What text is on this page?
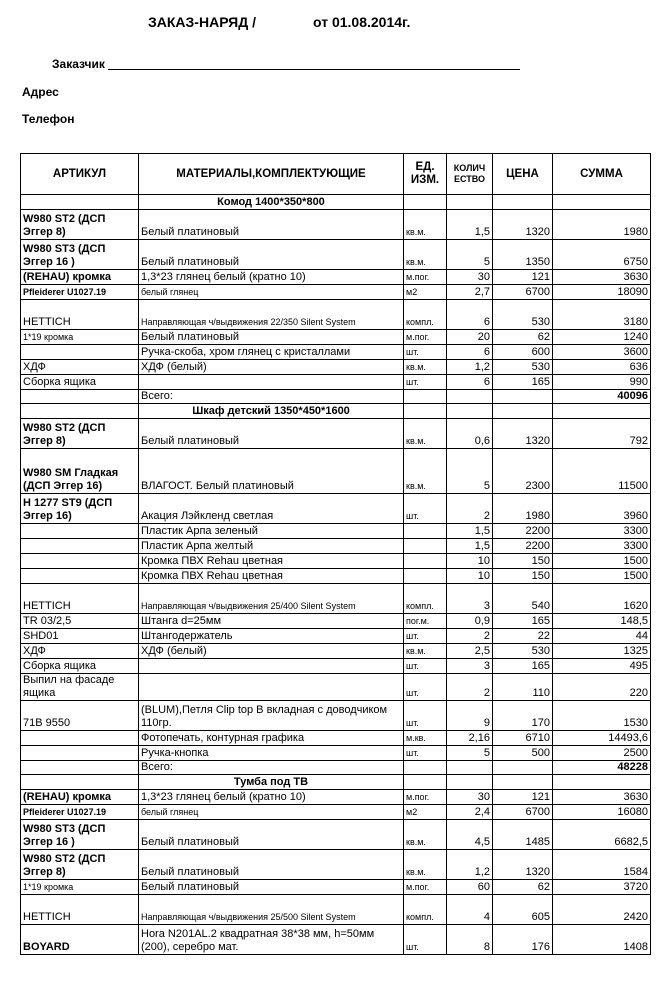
ЗАКАЗ-НАРЯД /	от 01.08.2014г.
Заказчик
Адрес
Телефон
АРТИКУЛ	МАТЕРИАЛЫ,КОМПЛЕКТУЮЩИЕ	ЕД. ИЗМ.	КОЛИЧ ЕСТВО	ЦЕНА	СУММА
	Комод 1400*350*800				
W980 ST2 (ДСП Эггер 8)	Белый платиновый	кв.м.	1,5	1320	1980
W980 ST3 (ДСП Эггер 16 )	Белый платиновый	кв.м.	5	1350	6750
(REHAU) кромка	1,3*23 глянец белый (кратно 10)	м.пог.	30	121	3630
Pfleiderer U1027.19	белый глянец	м2	2,7	6700	18090
HETTICH	Направляющая ч/выдвижения 22/350 Silent System	компл.	6	530	3180
1*19 кромка	Белый платиновый	м.пог.	20	62	1240
	Ручка-скоба, хром глянец с кристаллами	шт.	6	600	3600
ХДФ	ХДФ (белый)	кв.м.	1,2	530	636
Сборка ящика		шт.	6	165	990
	Всего:				40096
	Шкаф детский 1350*450*1600				
W980 ST2 (ДСП Эггер 8)	Белый платиновый	кв.м.	0,6	1320	792
W980 SM Гладкая (ДСП Эггер 16)	ВЛАГОСТ. Белый платиновый	кв.м.	5	2300	11500
H 1277 ST9 (ДСП Эггер 16)	Акация Лэйкленд светлая	шт.	2	1980	3960
	Пластик Арпа зеленый		1,5	2200	3300
	Пластик Арпа желтый		1,5	2200	3300
	Кромка ПВХ Rehau цветная		10	150	1500
	Кромка ПВХ Rehau цветная		10	150	1500
HETTICH	Направляющая ч/выдвижения 25/400 Silent System	компл.	3	540	1620
TR 03/2,5	Штанга d=25мм	пог.м.	0,9	165	148,5
SHD01	Штангодержатель	шт.	2	22	44
ХДФ	ХДФ (белый)	кв.м.	2,5	530	1325
Сборка ящика		шт.	3	165	495
Выпил на фасаде ящика		шт.	2	110	220
71B 9550	(BLUM),Петля Clip top В вкладная с доводчиком 110гр.	шт.	9	170	1530
	Фотопечать, контурная графика	м.кв.	2,16	6710	14493,6
	Ручка-кнопка	шт.	5	500	2500
	Всего:				48228
	Тумба под ТВ				
(REHAU) кромка	1,3*23 глянец белый (кратно 10)	м.пог.	30	121	3630
Pfleiderer U1027.19	белый глянец	м2	2,4	6700	16080
W980 ST3 (ДСП Эггер 16 )	Белый платиновый	кв.м.	4,5	1485	6682,5
W980 ST2 (ДСП Эггер 8)	Белый платиновый	кв.м.	1,2	1320	1584
1*19 кромка	Белый платиновый	м.пог.	60	62	3720
HETTICH	Направляющая ч/выдвижения 25/500 Silent System	компл.	4	605	2420
BOYARD	Hora N201AL.2 квадратная 38*38 мм, h=50мм (200), серебро мат.	шт.	8	176	1408
